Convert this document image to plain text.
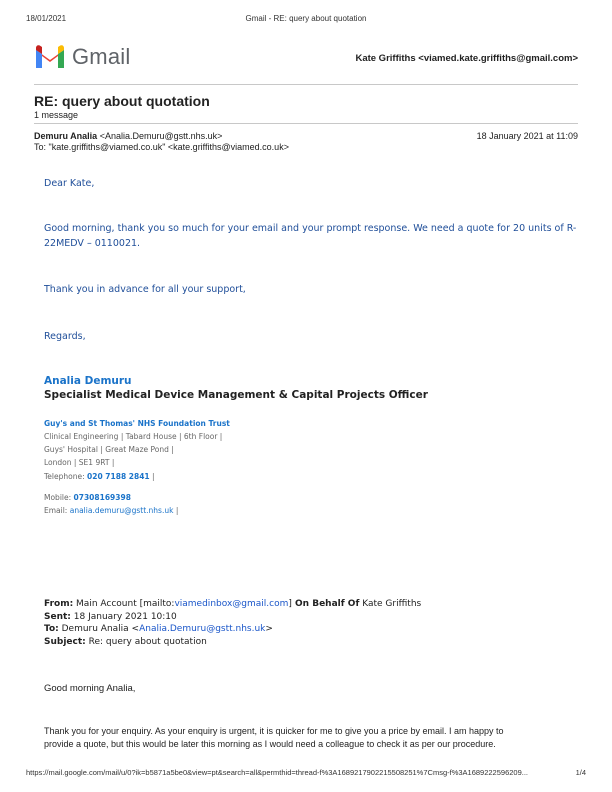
18/01/2021	Gmail - RE: query about quotation
Gmail	Kate Griffiths <viamed.kate.griffiths@gmail.com>
RE: query about quotation
1 message
Demuru Analia <Analia.Demuru@gstt.nhs.uk>	18 January 2021 at 11:09
To: "kate.griffiths@viamed.co.uk" <kate.griffiths@viamed.co.uk>
Dear Kate,
Good morning, thank you so much for your email and your prompt response. We need a quote for 20 units of R-
22MEDV – 0110021.
Thank you in advance for all your support,
Regards,
Analia Demuru
Specialist Medical Device Management & Capital Projects Officer
Guy's and St Thomas' NHS Foundation Trust
Clinical Engineering | Tabard House | 6th Floor |
Guys' Hospital | Great Maze Pond |
London | SE1 9RT |
Telephone: 020 7188 2841 |
Mobile: 07308169398
Email: analia.demuru@gstt.nhs.uk |
From: Main Account [mailto:viamedinbox@gmail.com] On Behalf Of Kate Griffiths
Sent: 18 January 2021 10:10
To: Demuru Analia <Analia.Demuru@gstt.nhs.uk>
Subject: Re: query about quotation
Good morning Analia,
Thank you for your enquiry. As your enquiry is urgent, it is quicker for me to give you a price by email. I am happy to
provide a quote, but this would be later this morning as I would need a colleague to check it as per our procedure.
https://mail.google.com/mail/u/0?ik=b5871a5be0&view=pt&search=all&permthid=thread-f%3A1689217902215508251%7Cmsg-f%3A1689222596209...	1/4
